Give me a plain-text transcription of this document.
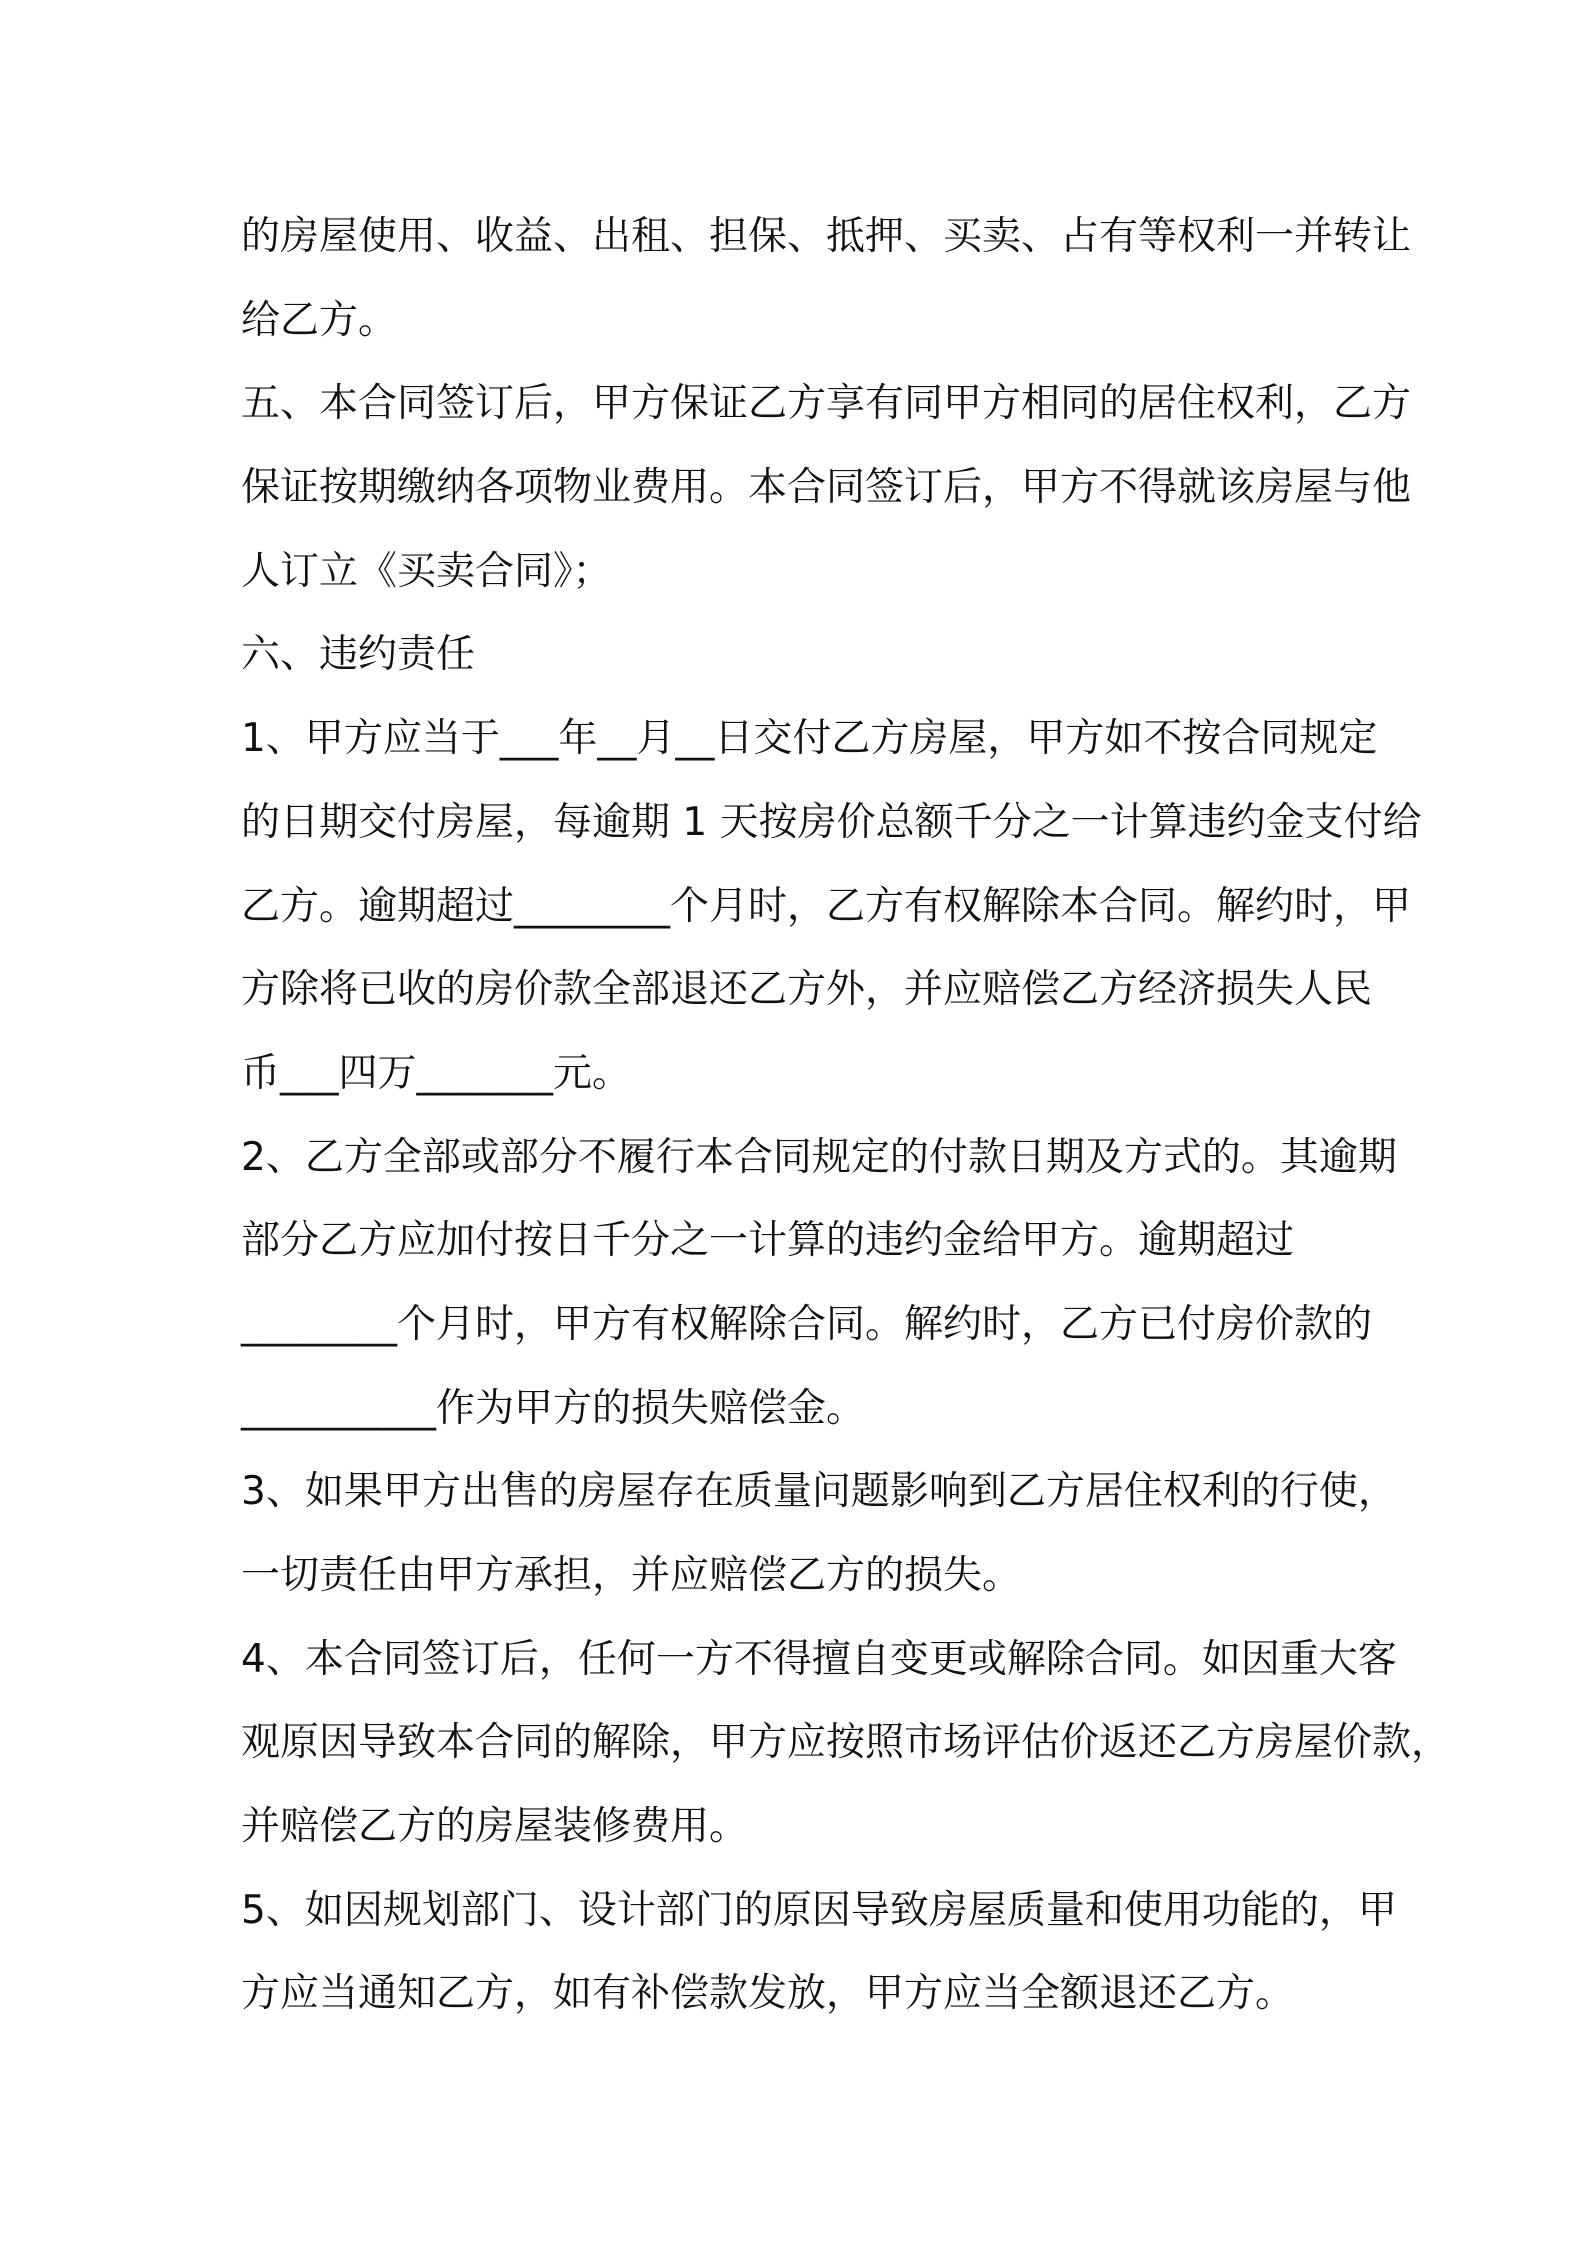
的房屋使用、收益、出租、担保、抵押、买卖、占有等权利一并转让
给乙方。
五、本合同签订后，甲方保证乙方享有同甲方相同的居住权利，乙方
保证按期缴纳各项物业费用。本合同签订后，甲方不得就该房屋与他
人订立《买卖合同》；
六、违约责任
1、甲方应当于___年__月__日交付乙方房屋，甲方如不按合同规定
的日期交付房屋，每逾期 1 天按房价总额千分之一计算违约金支付给
乙方。逾期超过________个月时，乙方有权解除本合同。解约时，甲
方除将已收的房价款全部退还乙方外，并应赔偿乙方经济损失人民
币___四万_______元。
2、乙方全部或部分不履行本合同规定的付款日期及方式的。其逾期
部分乙方应加付按日千分之一计算的违约金给甲方。逾期超过
________个月时，甲方有权解除合同。解约时，乙方已付房价款的
__________作为甲方的损失赔偿金。
3、如果甲方出售的房屋存在质量问题影响到乙方居住权利的行使，
一切责任由甲方承担，并应赔偿乙方的损失。
4、本合同签订后，任何一方不得擅自变更或解除合同。如因重大客
观原因导致本合同的解除，甲方应按照市场评估价返还乙方房屋价款，
并赔偿乙方的房屋装修费用。
5、如因规划部门、设计部门的原因导致房屋质量和使用功能的，甲
方应当通知乙方，如有补偿款发放，甲方应当全额退还乙方。
